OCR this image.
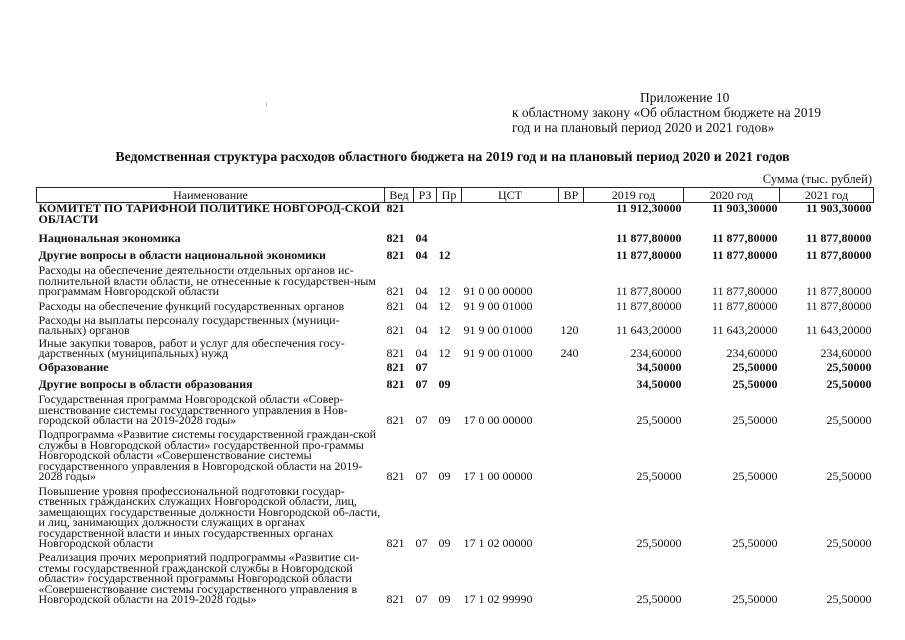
Приложение 10
к областному закону «Об областном бюджете на 2019
год и на плановый период 2020 и 2021 годов»
Ведомственная структура расходов областного бюджета на 2019 год и на плановый период 2020 и 2021 годов
Сумма (тыс. рублей)
Наименование	Вед	РЗ	Пр	ЦСТ	ВР	2019 год	2020 год	2021 год
КОМИТЕТ ПО ТАРИФНОЙ ПОЛИТИКЕ НОВГОРОД-СКОЙ ОБЛАСТИ	821					11 912,30000	11 903,30000	11 903,30000
Национальная экономика	821	04				11 877,80000	11 877,80000	11 877,80000
Другие вопросы в области национальной экономики	821	04	12			11 877,80000	11 877,80000	11 877,80000
Расходы на обеспечение деятельности отдельных органов ис-полнительной власти области, не отнесенные к государствен-ным программам Новгородской области	821	04	12	91 0 00 00000		11 877,80000	11 877,80000	11 877,80000
Расходы на обеспечение функций государственных органов	821	04	12	91 9 00 01000		11 877,80000	11 877,80000	11 877,80000
Расходы на выплаты персоналу государственных (муници-пальных) органов	821	04	12	91 9 00 01000	120	11 643,20000	11 643,20000	11 643,20000
Иные закупки товаров, работ и услуг для обеспечения госу-дарственных (муниципальных) нужд	821	04	12	91 9 00 01000	240	234,60000	234,60000	234,60000
Образование	821	07				34,50000	25,50000	25,50000
Другие вопросы в области образования	821	07	09			34,50000	25,50000	25,50000
Государственная программа Новгородской области «Совер-шенствование системы государственного управления в Нов-городской области на 2019-2028 годы»	821	07	09	17 0 00 00000		25,50000	25,50000	25,50000
Подпрограмма «Развитие системы государственной граждан-ской службы в Новгородской области» государственной про-граммы Новгородской области «Совершенствование системы государственного управления в Новгородской области на 2019-2028 годы»	821	07	09	17 1 00 00000		25,50000	25,50000	25,50000
Повышение уровня профессиональной подготовки государ-ственных гражданских служащих Новгородской области, лиц, замещающих государственные должности Новгородской об-ласти, и лиц, занимающих должности служащих в органах государственной власти и иных государственных органах Новгородской области	821	07	09	17 1 02 00000		25,50000	25,50000	25,50000
Реализация прочих мероприятий подпрограммы «Развитие си-стемы государственной гражданской службы в Новгородской области» государственной программы Новгородской области «Совершенствование системы государственного управления в Новгородской области на 2019-2028 годы»	821	07	09	17 1 02 99990		25,50000	25,50000	25,50000
